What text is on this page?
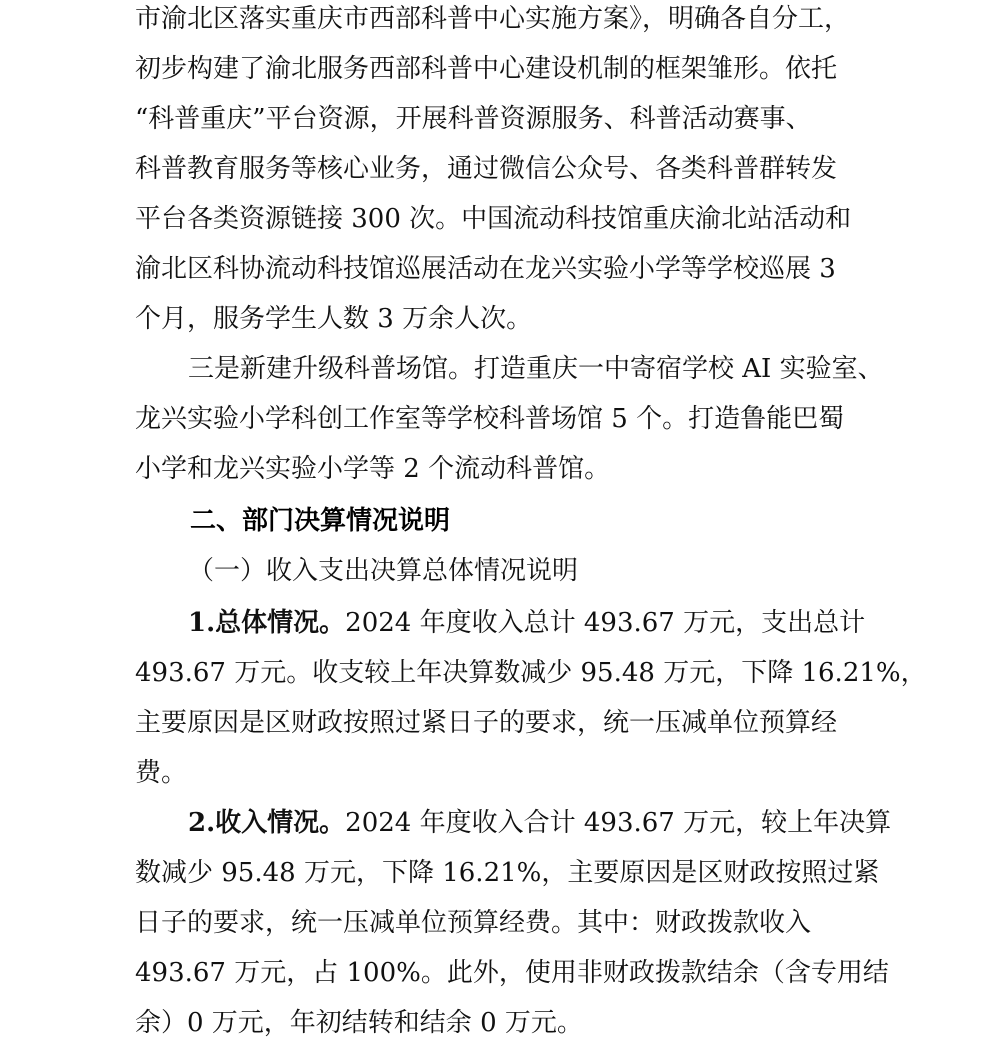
市渝北区落实重庆市西部科普中心实施方案》，明确各自分工，
初步构建了渝北服务西部科普中心建设机制的框架雏形。依托
“科普重庆”平台资源，开展科普资源服务、科普活动赛事、
科普教育服务等核心业务，通过微信公众号、各类科普群转发
平台各类资源链接 300 次。中国流动科技馆重庆渝北站活动和
渝北区科协流动科技馆巡展活动在龙兴实验小学等学校巡展 3
个月，服务学生人数 3 万余人次。
三是新建升级科普场馆。打造重庆一中寄宿学校 AI 实验室、
龙兴实验小学科创工作室等学校科普场馆 5 个。打造鲁能巴蜀
小学和龙兴实验小学等 2 个流动科普馆。
二、部门决算情况说明
（一）收入支出决算总体情况说明
1.总体情况。2024 年度收入总计 493.67 万元，支出总计
493.67 万元。收支较上年决算数减少 95.48 万元，下降 16.21%，
主要原因是区财政按照过紧日子的要求，统一压减单位预算经
费。
2.收入情况。2024 年度收入合计 493.67 万元，较上年决算
数减少 95.48 万元，下降 16.21%，主要原因是区财政按照过紧
日子的要求，统一压减单位预算经费。其中：财政拨款收入
493.67 万元，占 100%。此外，使用非财政拨款结余（含专用结
余）0 万元，年初结转和结余 0 万元。
